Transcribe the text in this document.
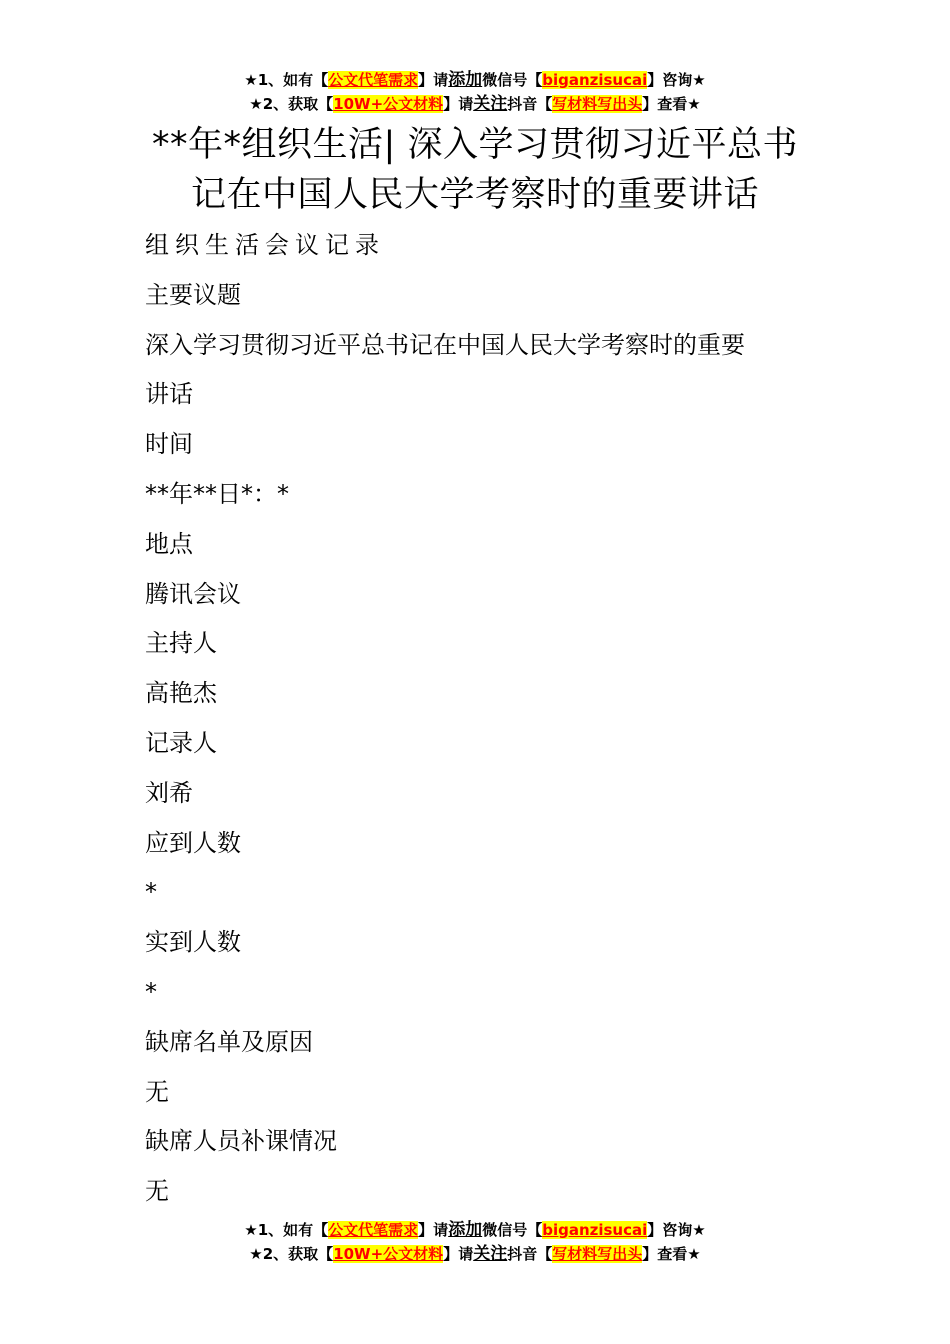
★1、如有【公文代笔需求】请添加微信号【biganzisucai】咨询★
★2、获取【10W+公文材料】请关注抖音【写材料写出头】查看★
**年*组织生活| 深入学习贯彻习近平总书
记在中国人民大学考察时的重要讲话
组织生活会议记录
主要议题
深入学习贯彻习近平总书记在中国人民大学考察时的重要
讲话
时间
**年**日*：*
地点
腾讯会议
主持人
高艳杰
记录人
刘希
应到人数
*
实到人数
*
缺席名单及原因
无
缺席人员补课情况
无
★1、如有【公文代笔需求】请添加微信号【biganzisucai】咨询★
★2、获取【10W+公文材料】请关注抖音【写材料写出头】查看★
